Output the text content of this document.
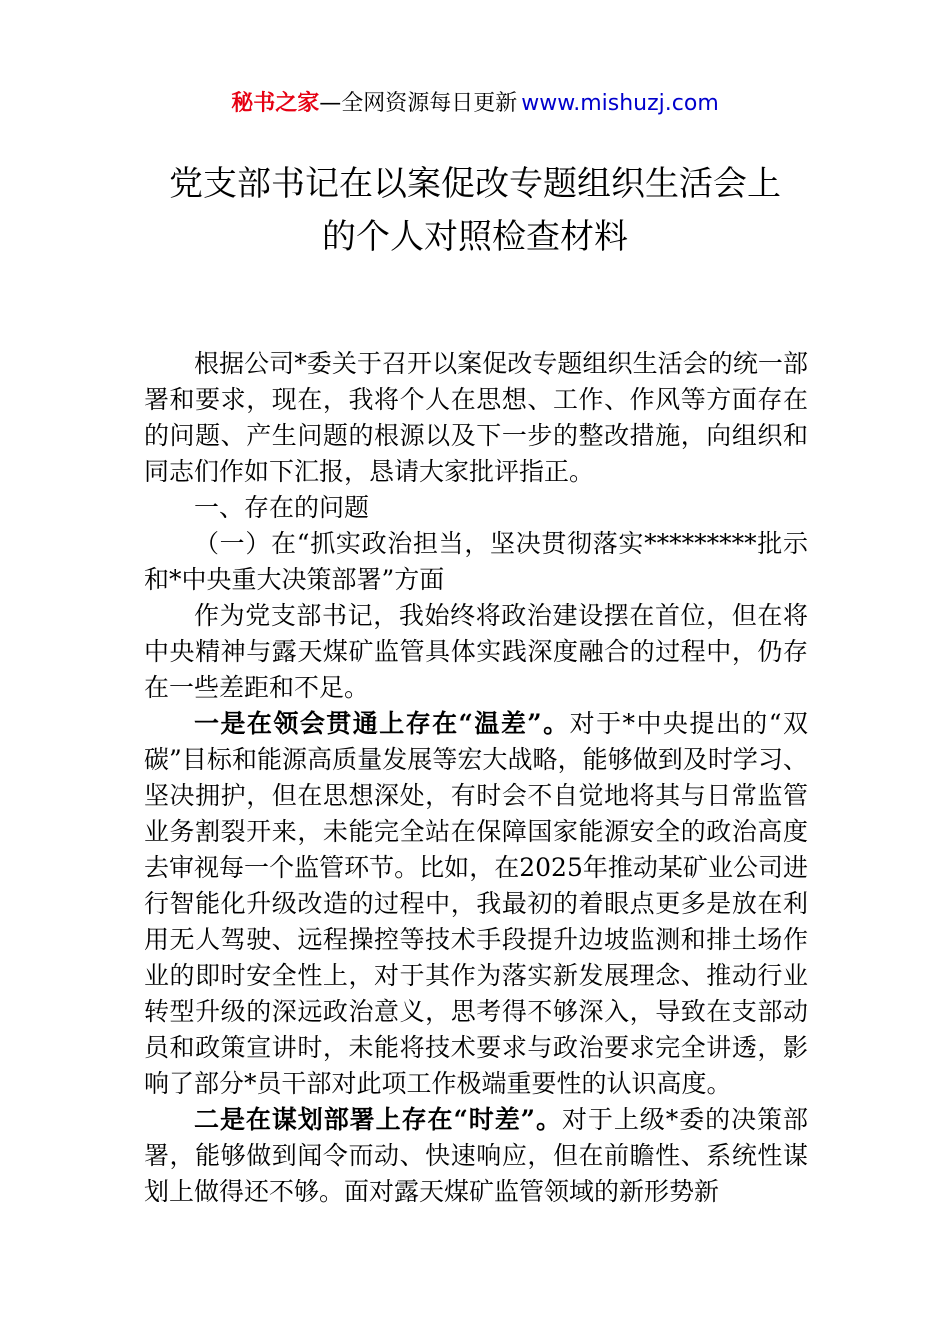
秘书之家—全网资源每日更新 www.mishuzj.com
党支部书记在以案促改专题组织生活会上
的个人对照检查材料

根据公司*委关于召开以案促改专题组织生活会的统一部署和要求，现在，我将个人在思想、工作、作风等方面存在的问题、产生问题的根源以及下一步的整改措施，向组织和同志们作如下汇报，恳请大家批评指正。

一、存在的问题

（一）在“抓实政治担当，坚决贯彻落实*********批示和*中央重大决策部署”方面

作为党支部书记，我始终将政治建设摆在首位，但在将中央精神与露天煤矿监管具体实践深度融合的过程中，仍存在一些差距和不足。

一是在领会贯通上存在“温差”。对于*中央提出的“双碳”目标和能源高质量发展等宏大战略，能够做到及时学习、坚决拥护，但在思想深处，有时会不自觉地将其与日常监管业务割裂开来，未能完全站在保障国家能源安全的政治高度去审视每一个监管环节。比如，在2025年推动某矿业公司进行智能化升级改造的过程中，我最初的着眼点更多是放在利用无人驾驶、远程操控等技术手段提升边坡监测和排土场作业的即时安全性上，对于其作为落实新发展理念、推动行业转型升级的深远政治意义，思考得不够深入，导致在支部动员和政策宣讲时，未能将技术要求与政治要求完全讲透，影响了部分*员干部对此项工作极端重要性的认识高度。

二是在谋划部署上存在“时差”。对于上级*委的决策部署，能够做到闻令而动、快速响应，但在前瞻性、系统性谋划上做得还不够。面对露天煤矿监管领域的新形势新
